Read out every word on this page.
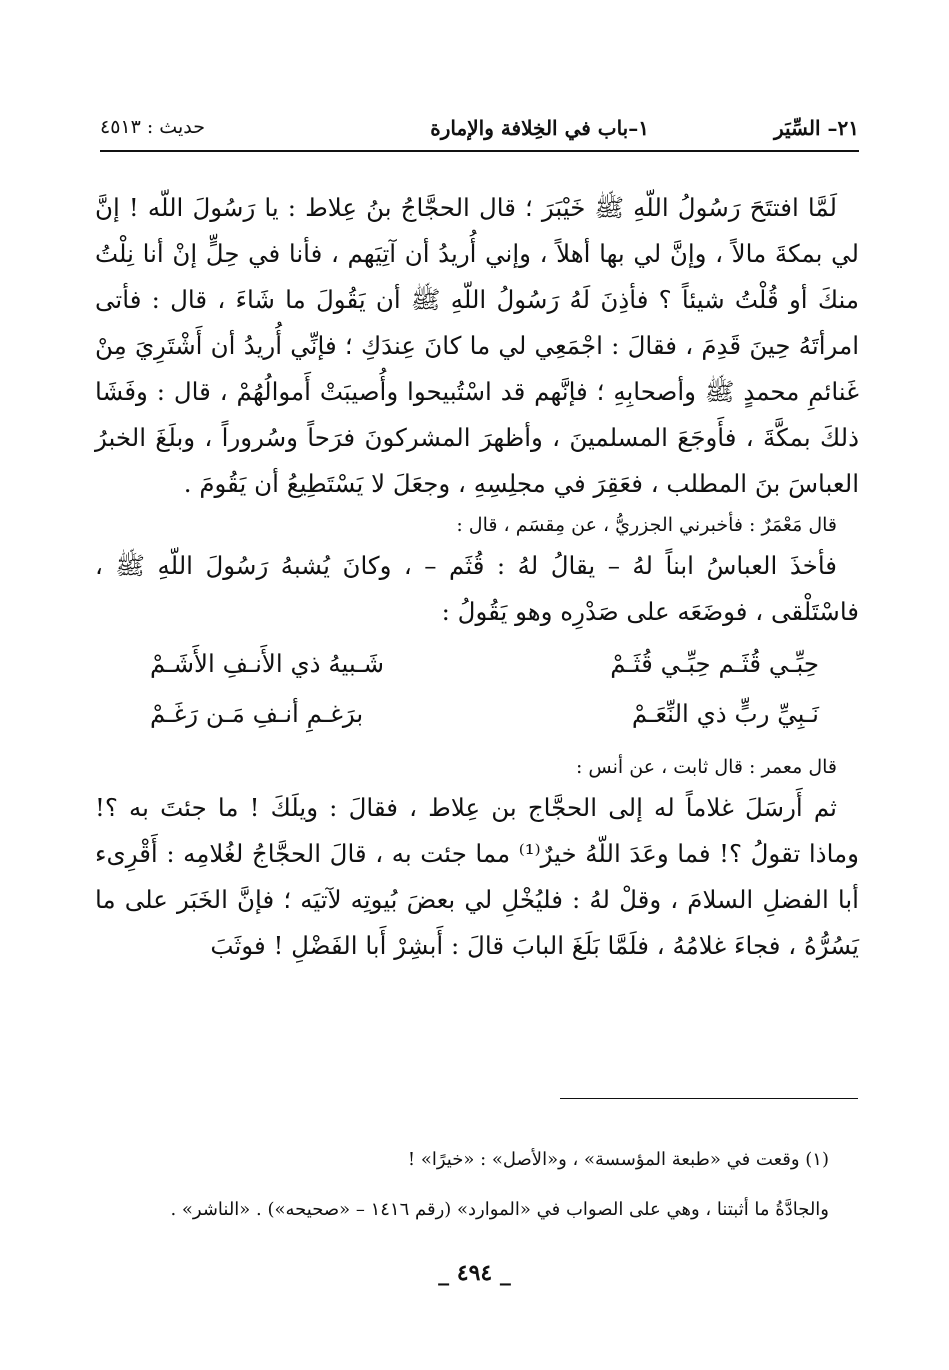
٢١– السِّيَر
١–باب في الخِلافة والإمارة
حديث : ٤٥١٣

لَمَّا افتتَحَ رَسُولُ اللّهِ ﷺ خَيْبَرَ ؛ قال الحجَّاجُ بنُ عِلاط : يا رَسُولَ اللّه ! إنَّ لي بمكةَ مالاً ، وإنَّ لي بها أهلاً ، وإني أُريدُ أن آتِيَهم ، فأنا في حِلٍّ إنْ أنا نِلْتُ منكَ أو قُلْتُ شيئاً ؟ فأذِنَ لَهُ رَسُولُ اللّهِ ﷺ أن يَقُولَ ما شَاءَ ، قال : فأتى امرأتَهُ حِينَ قَدِمَ ، فقالَ : اجْمَعِي لي ما كانَ عِندَكِ ؛ فإنِّي أُريدُ أن أَشْتَرِيَ مِنْ غَنائمِ محمدٍ ﷺ وأصحابِهِ ؛ فإنَّهم قد اسْتُبيحوا وأُصيبَتْ أَموالُهُمْ ، قال : وفَشَا ذلكَ بمكَّةَ ، فأَوجَعَ المسلمينَ ، وأظهرَ المشركونَ فرَحاً وسُروراً ، وبلَغَ الخبرُ العباسَ بنَ المطلب ، فعَقِرَ في مجلِسِهِ ، وجعَلَ لا يَسْتَطِيعُ أن يَقُومَ .

قال مَعْمَرٌ : فأخبرني الجزريُّ ، عن مِقسَم ، قال :

فأخذَ العباسُ ابناً لهُ – يقالُ لهُ : قُثَم – ، وكانَ يُشبهُ رَسُولَ اللّهِ ﷺ ، فاسْتَلْقى ، فوضَعَه على صَدْرِه وهو يَقُولُ :

حِبِّـي قُثَـم حِبِّـي قُثَـمْ
شَـبيهُ ذي الأَنـفِ الأَشَـمْ
نَـبِيِّ ربٍّ ذي النِّعَـمْ
برَغـمِ أنـفِ مَـن رَغَـمْ

قال معمر : قال ثابت ، عن أنس :

ثم أَرسَلَ غلاماً له إلى الحجَّاج بن عِلاط ، فقالَ : ويلَكَ ! ما جئتَ به ؟! وماذا تقولُ ؟! فما وعَدَ اللّهُ خيرٌ⁽¹⁾ مما جئت به ، قالَ الحجَّاجُ لغُلامِه : أَقْرِىء أبا الفضلِ السلامَ ، وقلْ لهُ : فليُخْلِ لي بعضَ بُيوتِه لآتيَه ؛ فإنَّ الخَبَر على ما يَسُرُّهُ ، فجاءَ غلامُهُ ، فلَمَّا بَلَغَ البابَ قالَ : أَبشِرْ أَبا الفَضْلِ ! فوثَبَ

(١) وقعت في «طبعة المؤسسة» ، و«الأصل» : «خيرًا» !

والجادَّةُ ما أثبتنا ، وهي على الصواب في «الموارد» (رقم ١٤١٦ – «صحيحه») . «الناشر» .

_ ٤٩٤ _
